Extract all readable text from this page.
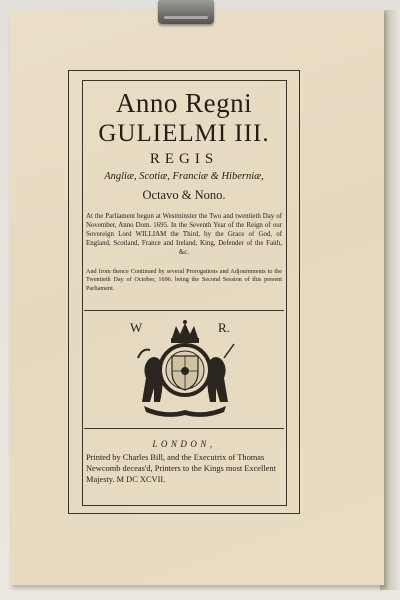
Anno Regni
GULIELMI III.
REGIS
Angliæ, Scotiæ, Franciæ & Hiberniæ,
Octavo & Nono.
At the Parliament begun at Westminster the Two and twentieth Day of November, Anno Dom. 1695. In the Seventh Year of the Reign of our Sovereign Lord WILLIAM the Third, by the Grace of God, of England, Scotland, France and Ireland, King, Defender of the Faith, &c.
And from thence Continued by several Prorogations and Adjournments to the Twentieth Day of October, 1696. being the Second Session of this present Parliament.
W	R.
LONDON,
Printed by Charles Bill, and the Executrix of Thomas Newcomb deceas'd, Printers to the Kings most Excellent Majesty. M DC XCVII.
